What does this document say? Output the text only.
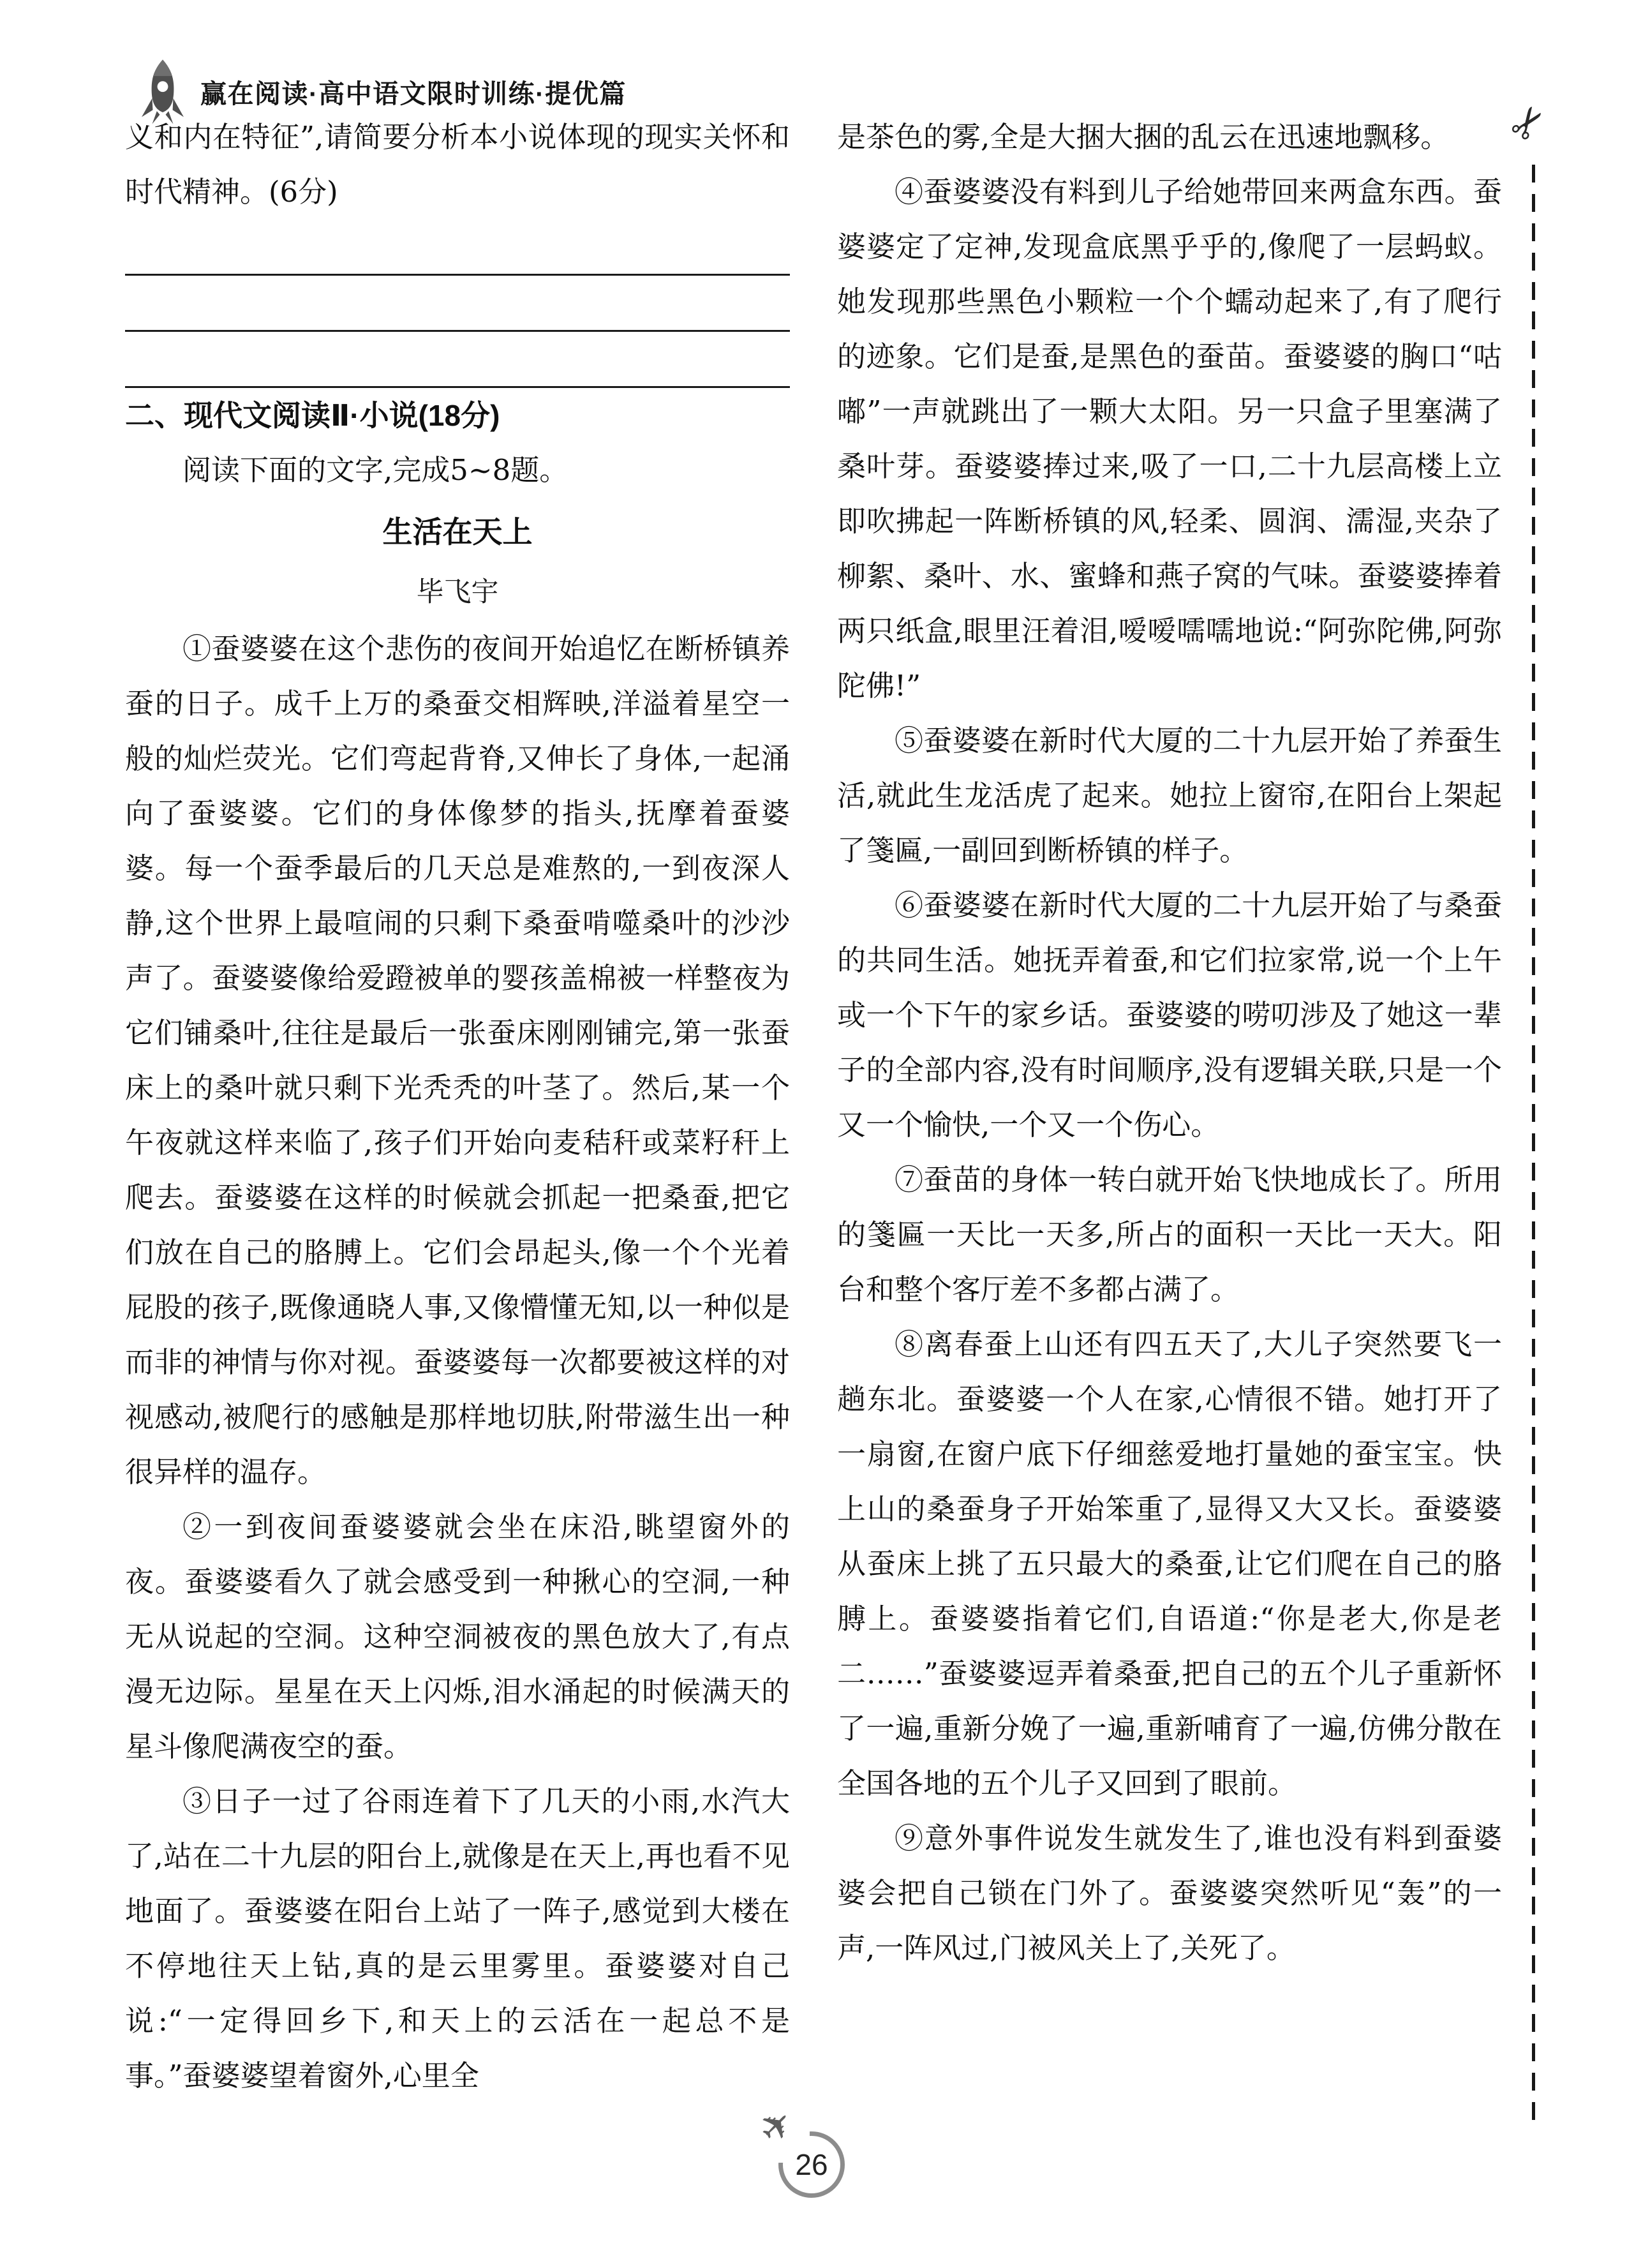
赢在阅读·高中语文限时训练·提优篇

义和内在特征”,请简要分析本小说体现的现实关怀和时代精神。(6分)

二、现代文阅读Ⅱ·小说(18分)

阅读下面的文字,完成5~8题。

生活在天上

毕飞宇

①蚕婆婆在这个悲伤的夜间开始追忆在断桥镇养蚕的日子。成千上万的桑蚕交相辉映,洋溢着星空一般的灿烂荧光。它们弯起背脊,又伸长了身体,一起涌向了蚕婆婆。它们的身体像梦的指头,抚摩着蚕婆婆。每一个蚕季最后的几天总是难熬的,一到夜深人静,这个世界上最喧闹的只剩下桑蚕啃噬桑叶的沙沙声了。蚕婆婆像给爱蹬被单的婴孩盖棉被一样整夜为它们铺桑叶,往往是最后一张蚕床刚刚铺完,第一张蚕床上的桑叶就只剩下光秃秃的叶茎了。然后,某一个午夜就这样来临了,孩子们开始向麦秸秆或菜籽秆上爬去。蚕婆婆在这样的时候就会抓起一把桑蚕,把它们放在自己的胳膊上。它们会昂起头,像一个个光着屁股的孩子,既像通晓人事,又像懵懂无知,以一种似是而非的神情与你对视。蚕婆婆每一次都要被这样的对视感动,被爬行的感触是那样地切肤,附带滋生出一种很异样的温存。

②一到夜间蚕婆婆就会坐在床沿,眺望窗外的夜。蚕婆婆看久了就会感受到一种揪心的空洞,一种无从说起的空洞。这种空洞被夜的黑色放大了,有点漫无边际。星星在天上闪烁,泪水涌起的时候满天的星斗像爬满夜空的蚕。

③日子一过了谷雨连着下了几天的小雨,水汽大了,站在二十九层的阳台上,就像是在天上,再也看不见地面了。蚕婆婆在阳台上站了一阵子,感觉到大楼在不停地往天上钻,真的是云里雾里。蚕婆婆对自己说:“一定得回乡下,和天上的云活在一起总不是事。”蚕婆婆望着窗外,心里全

是茶色的雾,全是大捆大捆的乱云在迅速地飘移。

④蚕婆婆没有料到儿子给她带回来两盒东西。蚕婆婆定了定神,发现盒底黑乎乎的,像爬了一层蚂蚁。她发现那些黑色小颗粒一个个蠕动起来了,有了爬行的迹象。它们是蚕,是黑色的蚕苗。蚕婆婆的胸口“咕嘟”一声就跳出了一颗大太阳。另一只盒子里塞满了桑叶芽。蚕婆婆捧过来,吸了一口,二十九层高楼上立即吹拂起一阵断桥镇的风,轻柔、圆润、濡湿,夹杂了柳絮、桑叶、水、蜜蜂和燕子窝的气味。蚕婆婆捧着两只纸盒,眼里汪着泪,嗳嗳嚅嚅地说:“阿弥陀佛,阿弥陀佛!”

⑤蚕婆婆在新时代大厦的二十九层开始了养蚕生活,就此生龙活虎了起来。她拉上窗帘,在阳台上架起了箋匾,一副回到断桥镇的样子。

⑥蚕婆婆在新时代大厦的二十九层开始了与桑蚕的共同生活。她抚弄着蚕,和它们拉家常,说一个上午或一个下午的家乡话。蚕婆婆的唠叨涉及了她这一辈子的全部内容,没有时间顺序,没有逻辑关联,只是一个又一个愉快,一个又一个伤心。

⑦蚕苗的身体一转白就开始飞快地成长了。所用的箋匾一天比一天多,所占的面积一天比一天大。阳台和整个客厅差不多都占满了。

⑧离春蚕上山还有四五天了,大儿子突然要飞一趟东北。蚕婆婆一个人在家,心情很不错。她打开了一扇窗,在窗户底下仔细慈爱地打量她的蚕宝宝。快上山的桑蚕身子开始笨重了,显得又大又长。蚕婆婆从蚕床上挑了五只最大的桑蚕,让它们爬在自己的胳膊上。蚕婆婆指着它们,自语道:“你是老大,你是老二……”蚕婆婆逗弄着桑蚕,把自己的五个儿子重新怀了一遍,重新分娩了一遍,重新哺育了一遍,仿佛分散在全国各地的五个儿子又回到了眼前。

⑨意外事件说发生就发生了,谁也没有料到蚕婆婆会把自己锁在门外了。蚕婆婆突然听见“轰”的一声,一阵风过,门被风关上了,关死了。

✂
✈
26
